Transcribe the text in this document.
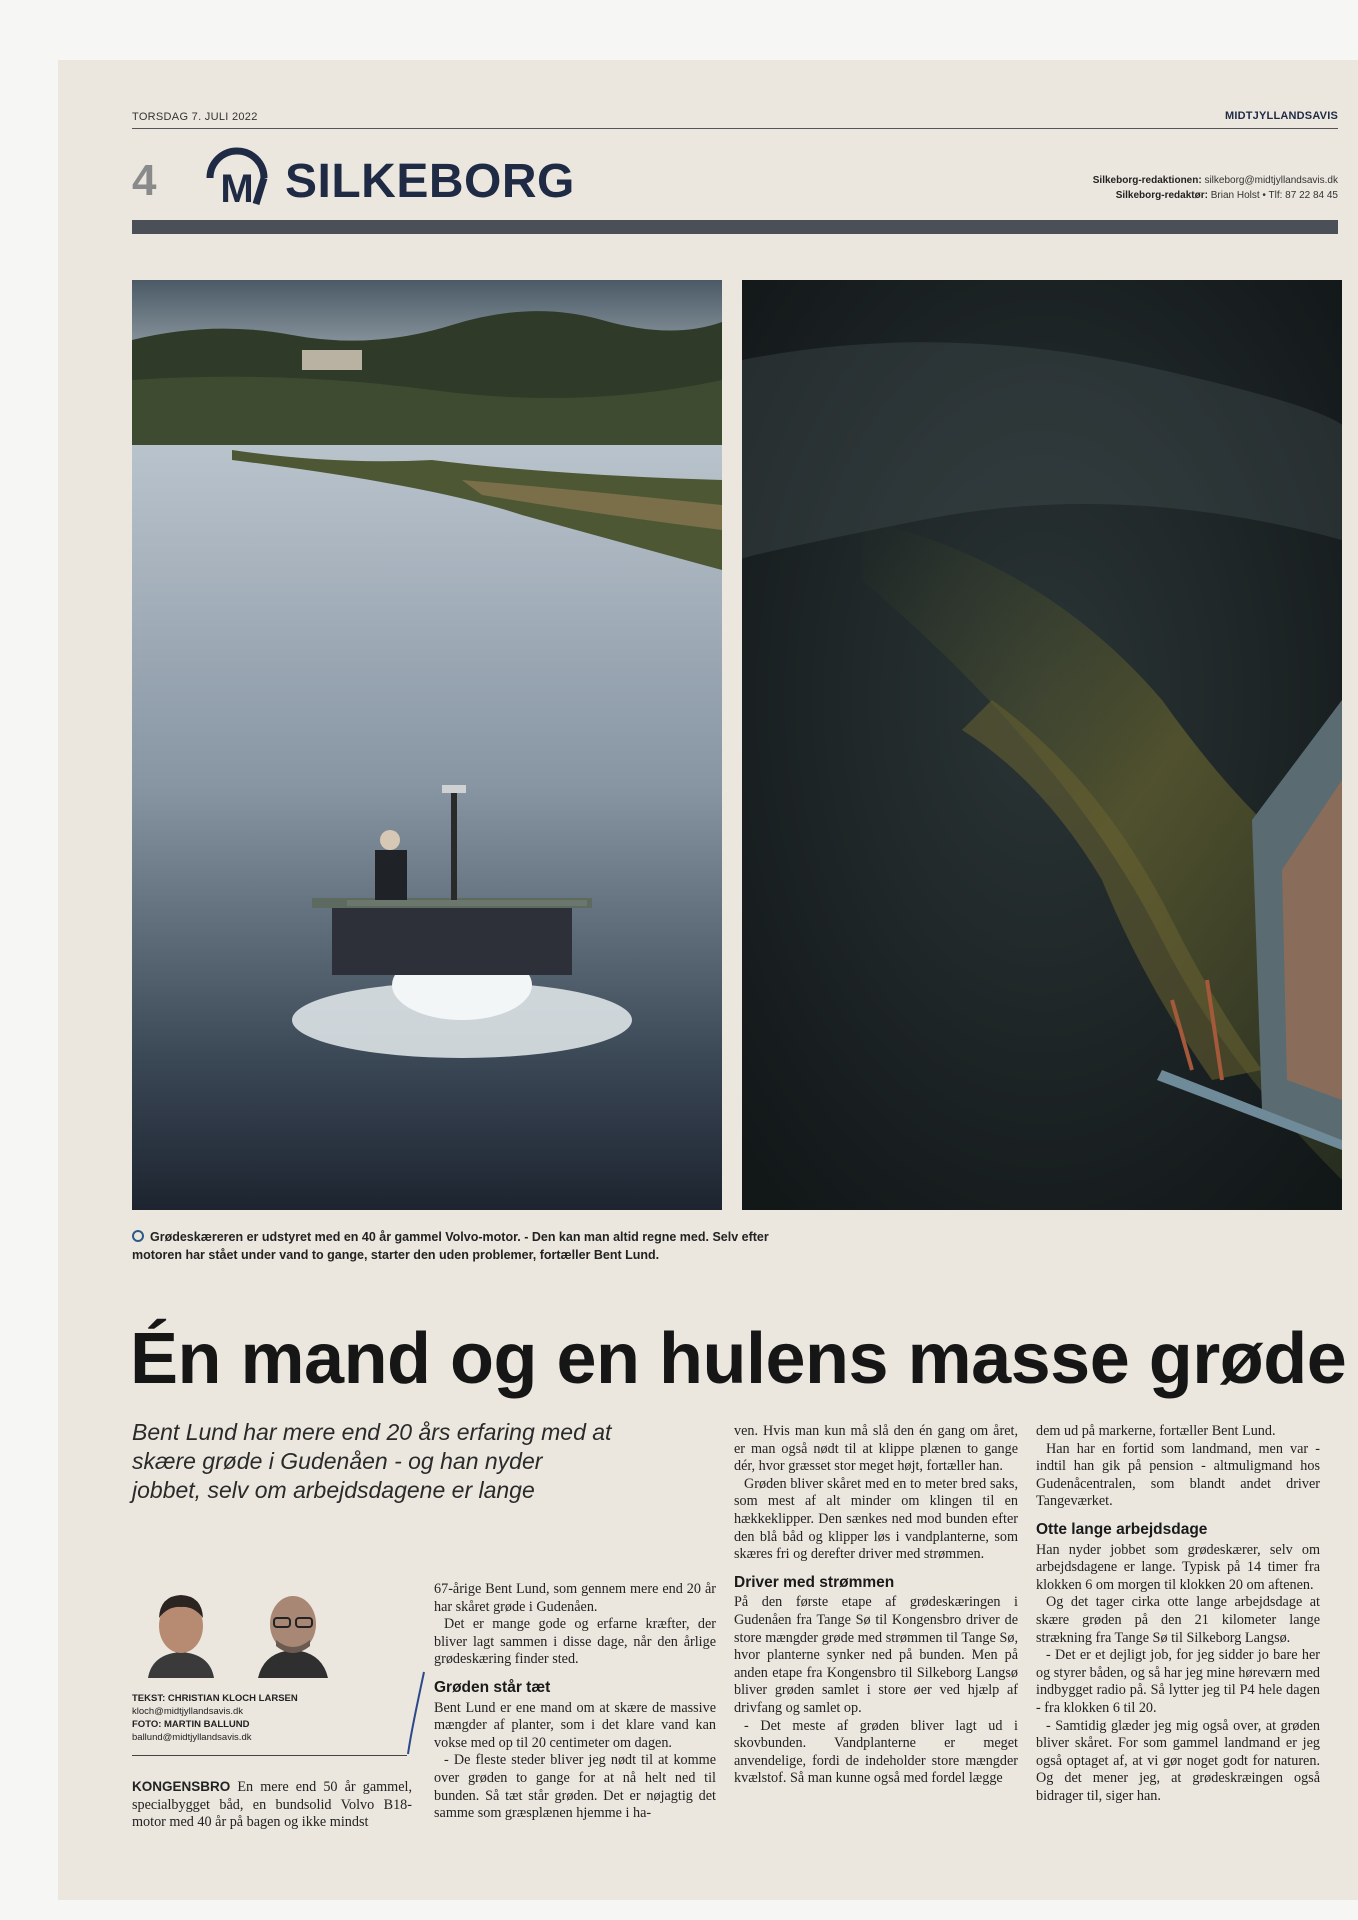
TORSDAG 7. JULI 2022	MIDTJYLLANDSAVIS
4 M SILKEBORG	Silkeborg-redaktionen: silkeborg@midtjyllandsavis.dk
Silkeborg-redaktør: Brian Holst • Tlf: 87 22 84 45
Grødeskæreren er udstyret med en 40 år gammel Volvo-motor. - Den kan man altid regne med. Selv efter motoren har stået under vand to gange, starter den uden problemer, fortæller Bent Lund.
Én mand og en hulens masse grøde
Bent Lund har mere end 20 års erfaring med at skære grøde i Gudenåen - og han nyder jobbet, selv om arbejdsdagene er lange
TEKST: CHRISTIAN KLOCH LARSEN
kloch@midtjyllandsavis.dk
FOTO: MARTIN BALLUND
ballund@midtjyllandsavis.dk

KONGENSBRO En mere end 50 år gammel, specialbygget båd, en bundsolid Volvo B18-motor med 40 år på bagen og ikke mindst

67-årige Bent Lund, som gennem mere end 20 år har skåret grøde i Gudenåen.

Det er mange gode og erfarne kræfter, der bliver lagt sammen i disse dage, når den årlige grødeskæring finder sted.

Grøden står tæt

Bent Lund er ene mand om at skære de massive mængder af planter, som i det klare vand kan vokse med op til 20 centimeter om dagen.

- De fleste steder bliver jeg nødt til at komme over grøden to gange for at nå helt ned til bunden. Så tæt står grøden. Det er nøjagtig det samme som græsplænen hjemme i ha-

ven. Hvis man kun må slå den én gang om året, er man også nødt til at klippe plænen to gange dér, hvor græsset stor meget højt, fortæller han.

Grøden bliver skåret med en to meter bred saks, som mest af alt minder om klingen til en hækkeklipper. Den sænkes ned mod bunden efter den blå båd og klipper løs i vandplanterne, som skæres fri og derefter driver med strømmen.

Driver med strømmen

På den første etape af grødeskæringen i Gudenåen fra Tange Sø til Kongensbro driver de store mængder grøde med strømmen til Tange Sø, hvor planterne synker ned på bunden. Men på anden etape fra Kongensbro til Silkeborg Langsø bliver grøden samlet i store øer ved hjælp af drivfang og samlet op.

- Det meste af grøden bliver lagt ud i skovbunden. Vandplanterne er meget anvendelige, fordi de indeholder store mængder kvælstof. Så man kunne også med fordel lægge

dem ud på markerne, fortæller Bent Lund.

Han har en fortid som landmand, men var - indtil han gik på pension - altmuligmand hos Gudenåcentralen, som blandt andet driver Tangeværket.

Otte lange arbejdsdage

Han nyder jobbet som grødeskærer, selv om arbejdsdagene er lange. Typisk på 14 timer fra klokken 6 om morgen til klokken 20 om aftenen.

Og det tager cirka otte lange arbejdsdage at skære grøden på den 21 kilometer lange strækning fra Tange Sø til Silkeborg Langsø.

- Det er et dejligt job, for jeg sidder jo bare her og styrer båden, og så har jeg mine høreværn med indbygget radio på. Så lytter jeg til P4 hele dagen - fra klokken 6 til 20.

- Samtidig glæder jeg mig også over, at grøden bliver skåret. For som gammel landmand er jeg også optaget af, at vi gør noget godt for naturen. Og det mener jeg, at grødeskræingen også bidrager til, siger han.
